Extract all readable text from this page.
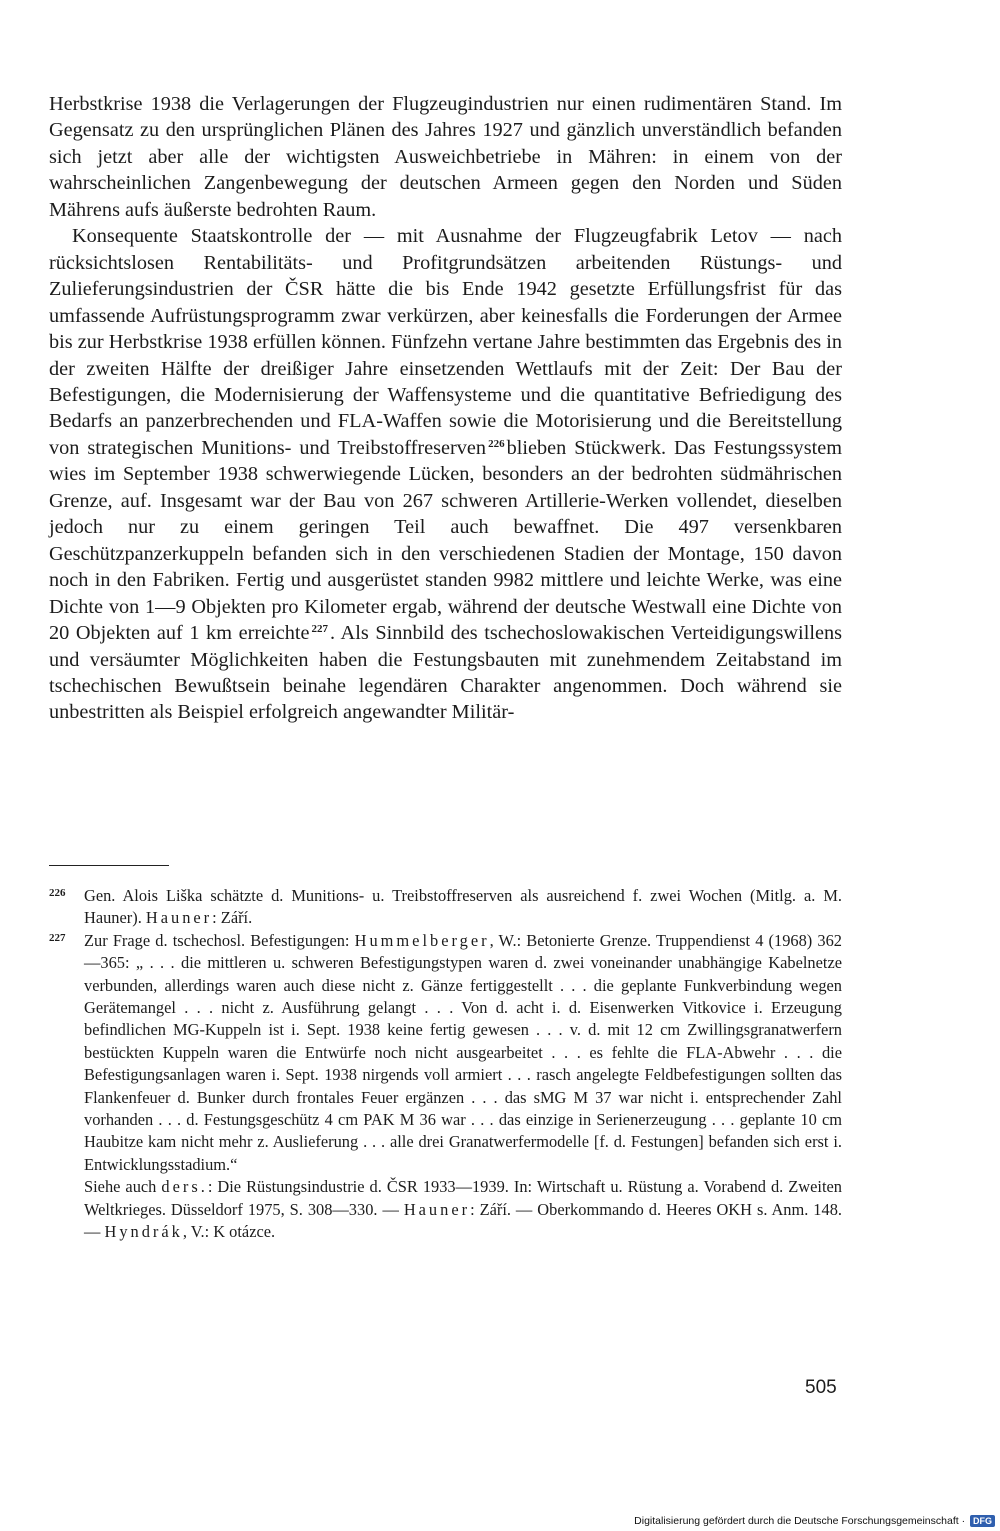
Herbstkrise 1938 die Verlagerungen der Flugzeugindustrien nur einen rudimentären Stand. Im Gegensatz zu den ursprünglichen Plänen des Jahres 1927 und gänzlich unverständlich befanden sich jetzt aber alle der wichtigsten Ausweichbetriebe in Mähren: in einem von der wahrscheinlichen Zangenbewegung der deutschen Armeen gegen den Norden und Süden Mährens aufs äußerste bedrohten Raum.

Konsequente Staatskontrolle der — mit Ausnahme der Flugzeugfabrik Letov — nach rücksichtslosen Rentabilitäts- und Profitgrundsätzen arbeitenden Rüstungs- und Zulieferungsindustrien der ČSR hätte die bis Ende 1942 gesetzte Erfüllungsfrist für das umfassende Aufrüstungsprogramm zwar verkürzen, aber keinesfalls die Forderungen der Armee bis zur Herbstkrise 1938 erfüllen können. Fünfzehn vertane Jahre bestimmten das Ergebnis des in der zweiten Hälfte der dreißiger Jahre einsetzenden Wettlaufs mit der Zeit: Der Bau der Befestigungen, die Modernisierung der Waffensysteme und die quantitative Befriedigung des Bedarfs an panzerbrechenden und FLA-Waffen sowie die Motorisierung und die Bereitstellung von strategischen Munitions- und Treibstoffreserven $^{226}$blieben Stückwerk. Das Festungssystem wies im September 1938 schwerwiegende Lücken, besonders an der bedrohten südmährischen Grenze, auf. Insgesamt war der Bau von 267 schweren Artillerie-Werken vollendet, dieselben jedoch nur zu einem geringen Teil auch bewaffnet. Die 497 versenkbaren Geschützpanzerkuppeln befanden sich in den verschiedenen Stadien der Montage, 150 davon noch in den Fabriken. Fertig und ausgerüstet standen 9982 mittlere und leichte Werke, was eine Dichte von 1—9 Objekten pro Kilometer ergab, während der deutsche Westwall eine Dichte von 20 Objekten auf 1 km erreichte $^{227}$. Als Sinnbild des tschechoslowakischen Verteidigungswillens und versäumter Möglichkeiten haben die Festungsbauten mit zunehmendem Zeitabstand im tschechischen Bewußtsein beinahe legendären Charakter angenommen. Doch während sie unbestritten als Beispiel erfolgreich angewandter Militär-

226 Gen. Alois Liška schätzte d. Munitions- u. Treibstoffreserven als ausreichend f. zwei Wochen (Mitlg. a. M. Hauner). Hauner: Září.

227 Zur Frage d. tschechosl. Befestigungen: Hummelberger, W.: Betonierte Grenze. Truppendienst 4 (1968) 362—365: „ . . . die mittleren u. schweren Befestigungstypen waren d. zwei voneinander unabhängige Kabelnetze verbunden, allerdings waren auch diese nicht z. Gänze fertiggestellt . . . die geplante Funkverbindung wegen Gerätemangel . . . nicht z. Ausführung gelangt . . . Von d. acht i. d. Eisenwerken Vitkovice i. Erzeugung befindlichen MG-Kuppeln ist i. Sept. 1938 keine fertig gewesen . . . v. d. mit 12 cm Zwillingsgranatwerfern bestückten Kuppeln waren die Entwürfe noch nicht ausgearbeitet . . . es fehlte die FLA-Abwehr . . . die Befestigungsanlagen waren i. Sept. 1938 nirgends voll armiert . . . rasch angelegte Feldbefestigungen sollten das Flankenfeuer d. Bunker durch frontales Feuer ergänzen . . . das sMG M 37 war nicht i. entsprechender Zahl vorhanden . . . d. Festungsgeschütz 4 cm PAK M 36 war . . . das einzige in Serienerzeugung . . . geplante 10 cm Haubitze kam nicht mehr z. Auslieferung . . . alle drei Granatwerfermodelle [f. d. Festungen] befanden sich erst i. Entwicklungsstadium.“

Siehe auch ders.: Die Rüstungsindustrie d. ČSR 1933—1939. In: Wirtschaft u. Rüstung a. Vorabend d. Zweiten Weltkrieges. Düsseldorf 1975, S. 308—330. — Hauner: Září. — Oberkommando d. Heeres OKH s. Anm. 148. — Hyndrák, V.: K otázce.

505
Digitalisierung gefördert durch die Deutsche Forschungsgemeinschaft · DFG
